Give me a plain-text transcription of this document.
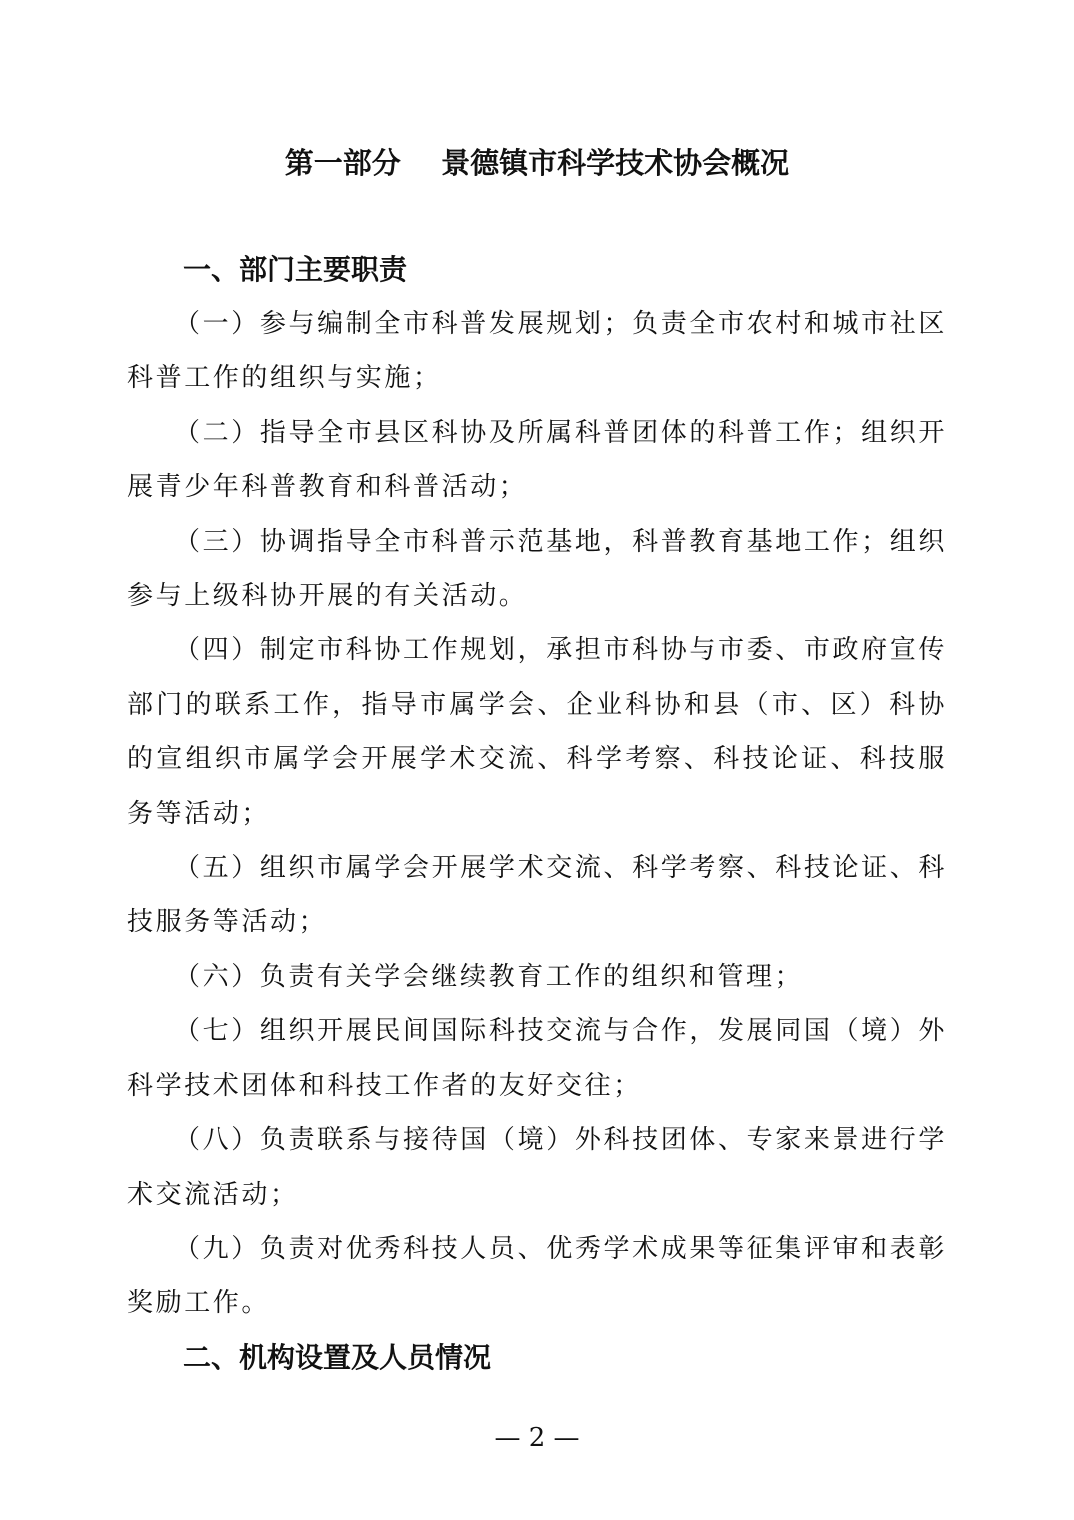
第一部分    景德镇市科学技术协会概况
一、部门主要职责

（一）参与编制全市科普发展规划；负责全市农村和城市社区科普工作的组织与实施；

（二）指导全市县区科协及所属科普团体的科普工作；组织开展青少年科普教育和科普活动；

（三）协调指导全市科普示范基地，科普教育基地工作；组织参与上级科协开展的有关活动。

（四）制定市科协工作规划，承担市科协与市委、市政府宣传部门的联系工作，指导市属学会、企业科协和县（市、区）科协的宣组织市属学会开展学术交流、科学考察、科技论证、科技服务等活动；

（五）组织市属学会开展学术交流、科学考察、科技论证、科技服务等活动；

（六）负责有关学会继续教育工作的组织和管理；

（七）组织开展民间国际科技交流与合作，发展同国（境）外科学技术团体和科技工作者的友好交往；

（八）负责联系与接待国（境）外科技团体、专家来景进行学术交流活动；

（九）负责对优秀科技人员、优秀学术成果等征集评审和表彰奖励工作。

二、机构设置及人员情况
— 2 —
